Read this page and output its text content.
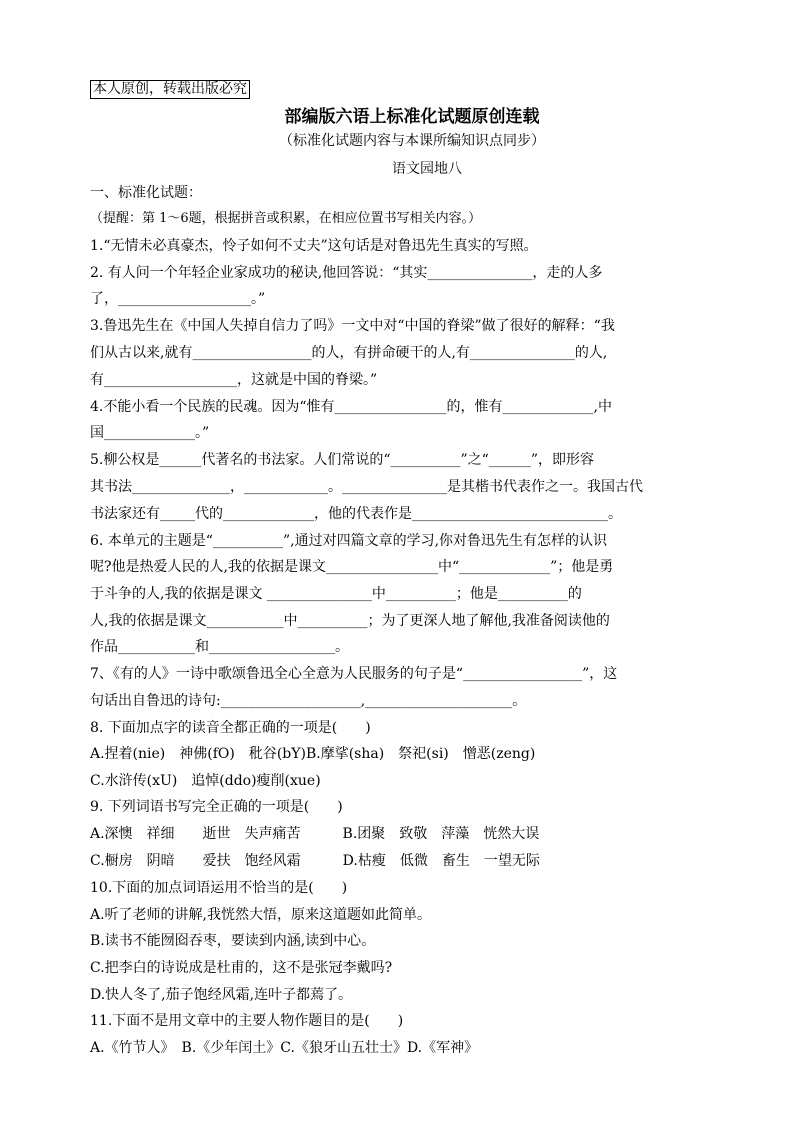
本人原创，转载出版必究
部编版六语上标准化试题原创连载
（标准化试题内容与本课所编知识点同步）
语文园地八
一、标准化试题：
（提醒：第 1～6题，根据拼音或积累，在相应位置书写相关内容。）
1.“无情未必真豪杰，怜子如何不丈夫”这句话是对鲁迅先生真实的写照。
2. 有人问一个年轻企业家成功的秘诀,他回答说：“其实_______________，走的人多
了，___________________。”
3.鲁迅先生在《中国人失掉自信力了吗》一文中对“中国的脊梁”做了很好的解释：“我
们从古以来,就有_________________的人，有拼命硬干的人,有_______________的人,
有___________________，这就是中国的脊梁。”
4.不能小看一个民族的民魂。因为“惟有________________的，惟有_____________,中
国_____________。”
5.柳公权是______代著名的书法家。人们常说的“__________”之“______”，即形容
其书法______________，____________。_______________是其楷书代表作之一。我国古代
书法家还有_____代的_____________，他的代表作是____________________________。
6. 本单元的主题是“__________”,通过对四篇文章的学习,你对鲁迅先生有怎样的认识
呢?他是热爱人民的人,我的依据是课文________________中“_____________”；他是勇
于斗争的人,我的依据是课文 _______________中__________；他是__________的
人,我的依据是课文___________中__________；为了更深人地了解他,我准备阅读他的
作品___________和__________________。
7、《有的人》一诗中歌颂鲁迅全心全意为人民服务的句子是“_________________”，这
句话出自鲁迅的诗句:____________________,_____________________。
8. 下面加点字的读音全都正确的一项是(　　)
A.捏着(nie)　神佛(fO)　秕谷(bY)B.摩挲(sha)　祭祀(si)　憎恶(zeng)
C.水浒传(xU)　追悼(ddo)瘦削(xue)
9. 下列词语书写完全正确的一项是(　　)
A.深懊　祥细　　逝世　失声痛苦　　　B.团聚　致敬　萍藻　恍然大误
C.橱房　阴暗　　爱扶　饱经风霜　　　D.枯瘦　低微　畜生　一望无际
10.下面的加点词语运用不恰当的是(　　)
A.听了老师的讲解,我恍然大悟，原来这道题如此简单。
B.读书不能囫囵吞枣，要读到内涵,读到中心。
C.把李白的诗说成是杜甫的，这不是张冠李戴吗?
D.快人冬了,茄子饱经风霜,连叶子都蔫了。
11.下面不是用文章中的主要人物作题目的是(　　)
A.《竹节人》　B.《少年闰土》C.《狼牙山五壮士》D.《军神》
